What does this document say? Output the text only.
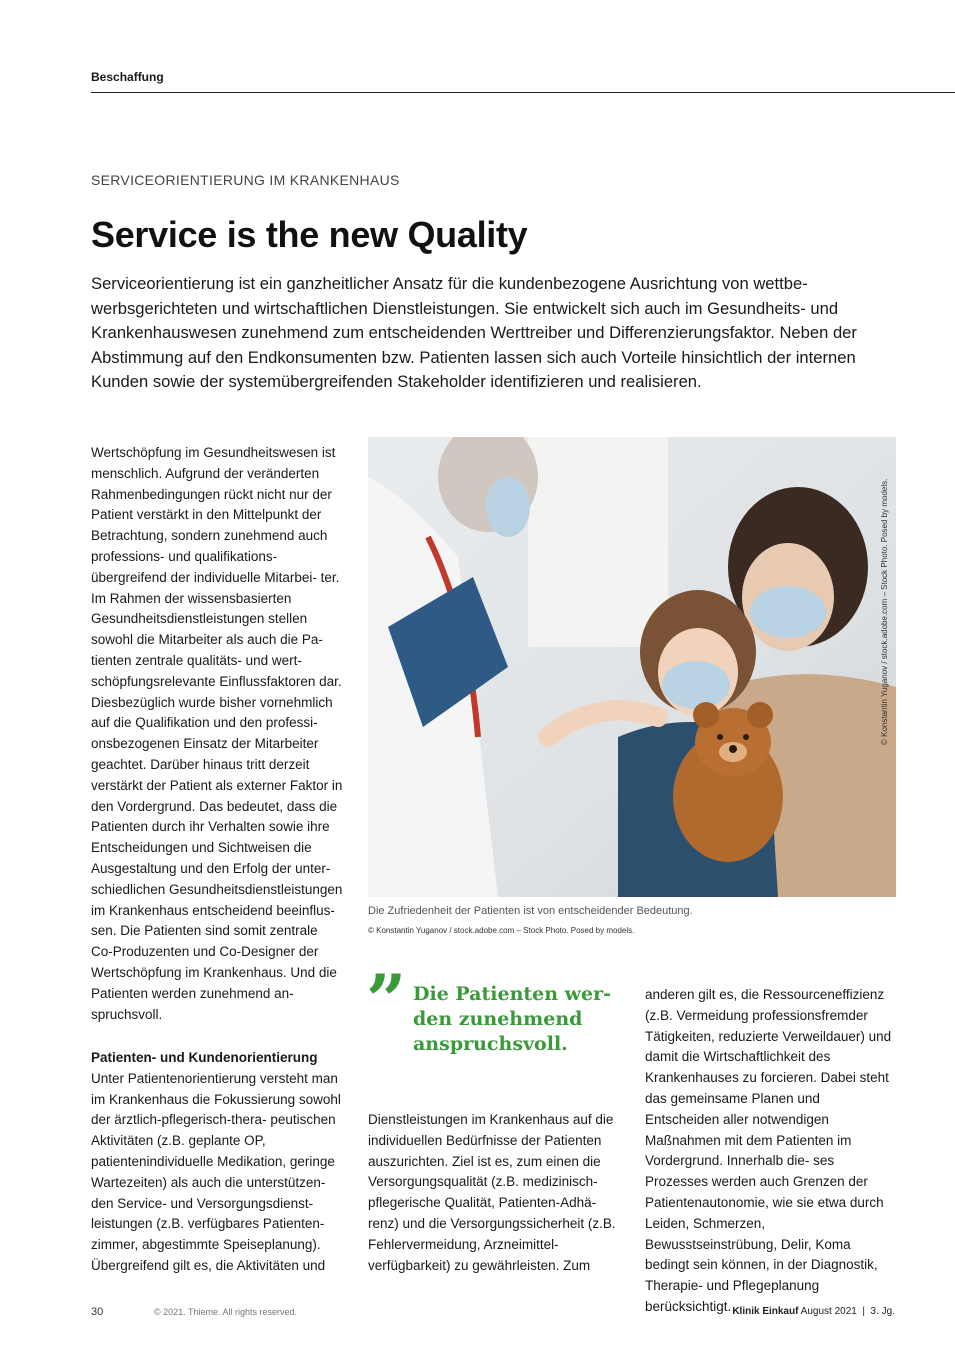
Beschaffung
SERVICEORIENTIERUNG IM KRANKENHAUS
Service is the new Quality

Serviceorientierung ist ein ganzheitlicher Ansatz für die kundenbezogene Ausrichtung von wettbe- werbsgerichteten und wirtschaftlichen Dienstleistungen. Sie entwickelt sich auch im Gesundheits- und Krankenhauswesen zunehmend zum entscheidenden Werttreiber und Differenzierungsfaktor. Neben der Abstimmung auf den Endkonsumenten bzw. Patienten lassen sich auch Vorteile hinsichtlich der internen Kunden sowie der systemübergreifenden Stakeholder identifizieren und realisieren.

Wertschöpfung im Gesundheitswesen ist menschlich. Aufgrund der veränderten Rahmenbedingungen rückt nicht nur der Patient verstärkt in den Mittelpunkt der Betrachtung, sondern zunehmend auch professions- und qualifikations- übergreifend der individuelle Mitarbei- ter. Im Rahmen der wissensbasierten Gesundheitsdienstleistungen stellen sowohl die Mitarbeiter als auch die Pa- tienten zentrale qualitäts- und wert- schöpfungsrelevante Einflussfaktoren dar. Diesbezüglich wurde bisher vornehmlich auf die Qualifikation und den professi- onsbezogenen Einsatz der Mitarbeiter geachtet. Darüber hinaus tritt derzeit verstärkt der Patient als externer Faktor in den Vordergrund. Das bedeutet, dass die Patienten durch ihr Verhalten sowie ihre Entscheidungen und Sichtweisen die Ausgestaltung und den Erfolg der unter- schiedlichen Gesundheitsdienstleistungen im Krankenhaus entscheidend beeinflus- sen. Die Patienten sind somit zentrale Co-Produzenten und Co-Designer der Wertschöpfung im Krankenhaus. Und die Patienten werden zunehmend an- spruchsvoll.

Patienten- und Kundenorientierung

Unter Patientenorientierung versteht man im Krankenhaus die Fokussierung sowohl der ärztlich-pflegerisch-thera- peutischen Aktivitäten (z.B. geplante OP, patientenindividuelle Medikation, geringe Wartezeiten) als auch die unterstützen- den Service- und Versorgungsdienst- leistungen (z.B. verfügbares Patienten- zimmer, abgestimmte Speiseplanung). Übergreifend gilt es, die Aktivitäten und

© Konstantin Yuganov / stock.adobe.com – Stock Photo. Posed by models.
Die Zufriedenheit der Patienten ist von entscheidender Bedeutung.
© Konstantin Yuganov / stock.adobe.com – Stock Photo. Posed by models.
” Die Patienten wer- den zunehmend anspruchsvoll.

Dienstleistungen im Krankenhaus auf die individuellen Bedürfnisse der Patienten auszurichten. Ziel ist es, zum einen die Versorgungsqualität (z.B. medizinisch- pflegerische Qualität, Patienten-Adhä- renz) und die Versorgungssicherheit (z.B. Fehlervermeidung, Arzneimittel- verfügbarkeit) zu gewährleisten. Zum

anderen gilt es, die Ressourceneffizienz (z.B. Vermeidung professionsfremder Tätigkeiten, reduzierte Verweildauer) und damit die Wirtschaftlichkeit des Krankenhauses zu forcieren. Dabei steht das gemeinsame Planen und Entscheiden aller notwendigen Maßnahmen mit dem Patienten im Vordergrund. Innerhalb die- ses Prozesses werden auch Grenzen der Patientenautonomie, wie sie etwa durch Leiden, Schmerzen, Bewusstseinstrübung, Delir, Koma bedingt sein können, in der Diagnostik, Therapie- und Pflegeplanung berücksichtigt.

30	© 2021. Thieme. All rights reserved.	Klinik Einkauf August 2021  |  3. Jg.
